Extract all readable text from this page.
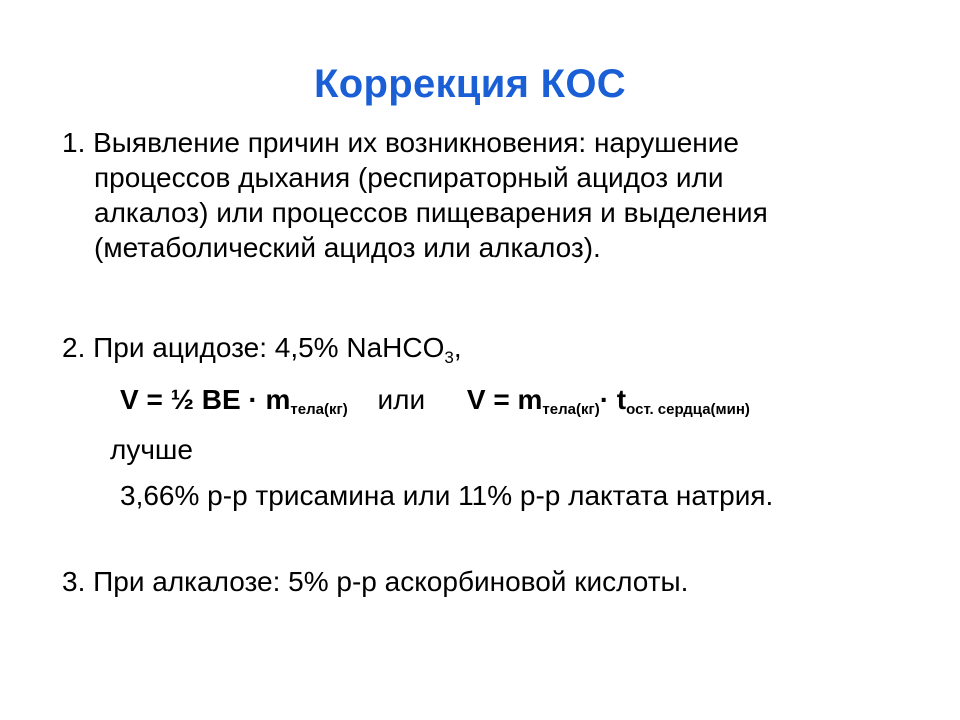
Коррекция КОС
1. Выявление причин их возникновения: нарушение
процессов дыхания (респираторный ацидоз или
алкалоз) или процессов пищеварения и выделения
(метаболический ацидоз или алкалоз).
2. При ацидозе: 4,5% NaHCO$_3$,
V = ½ BE · $m_{тела(кг)}$ или $V = m_{тела(кг)}\cdot t_{ост. сердца(мин)}$
лучше
3,66% р-р трисамина или 11% р-р лактата натрия.
3. При алкалозе: 5% р-р аскорбиновой кислоты.
